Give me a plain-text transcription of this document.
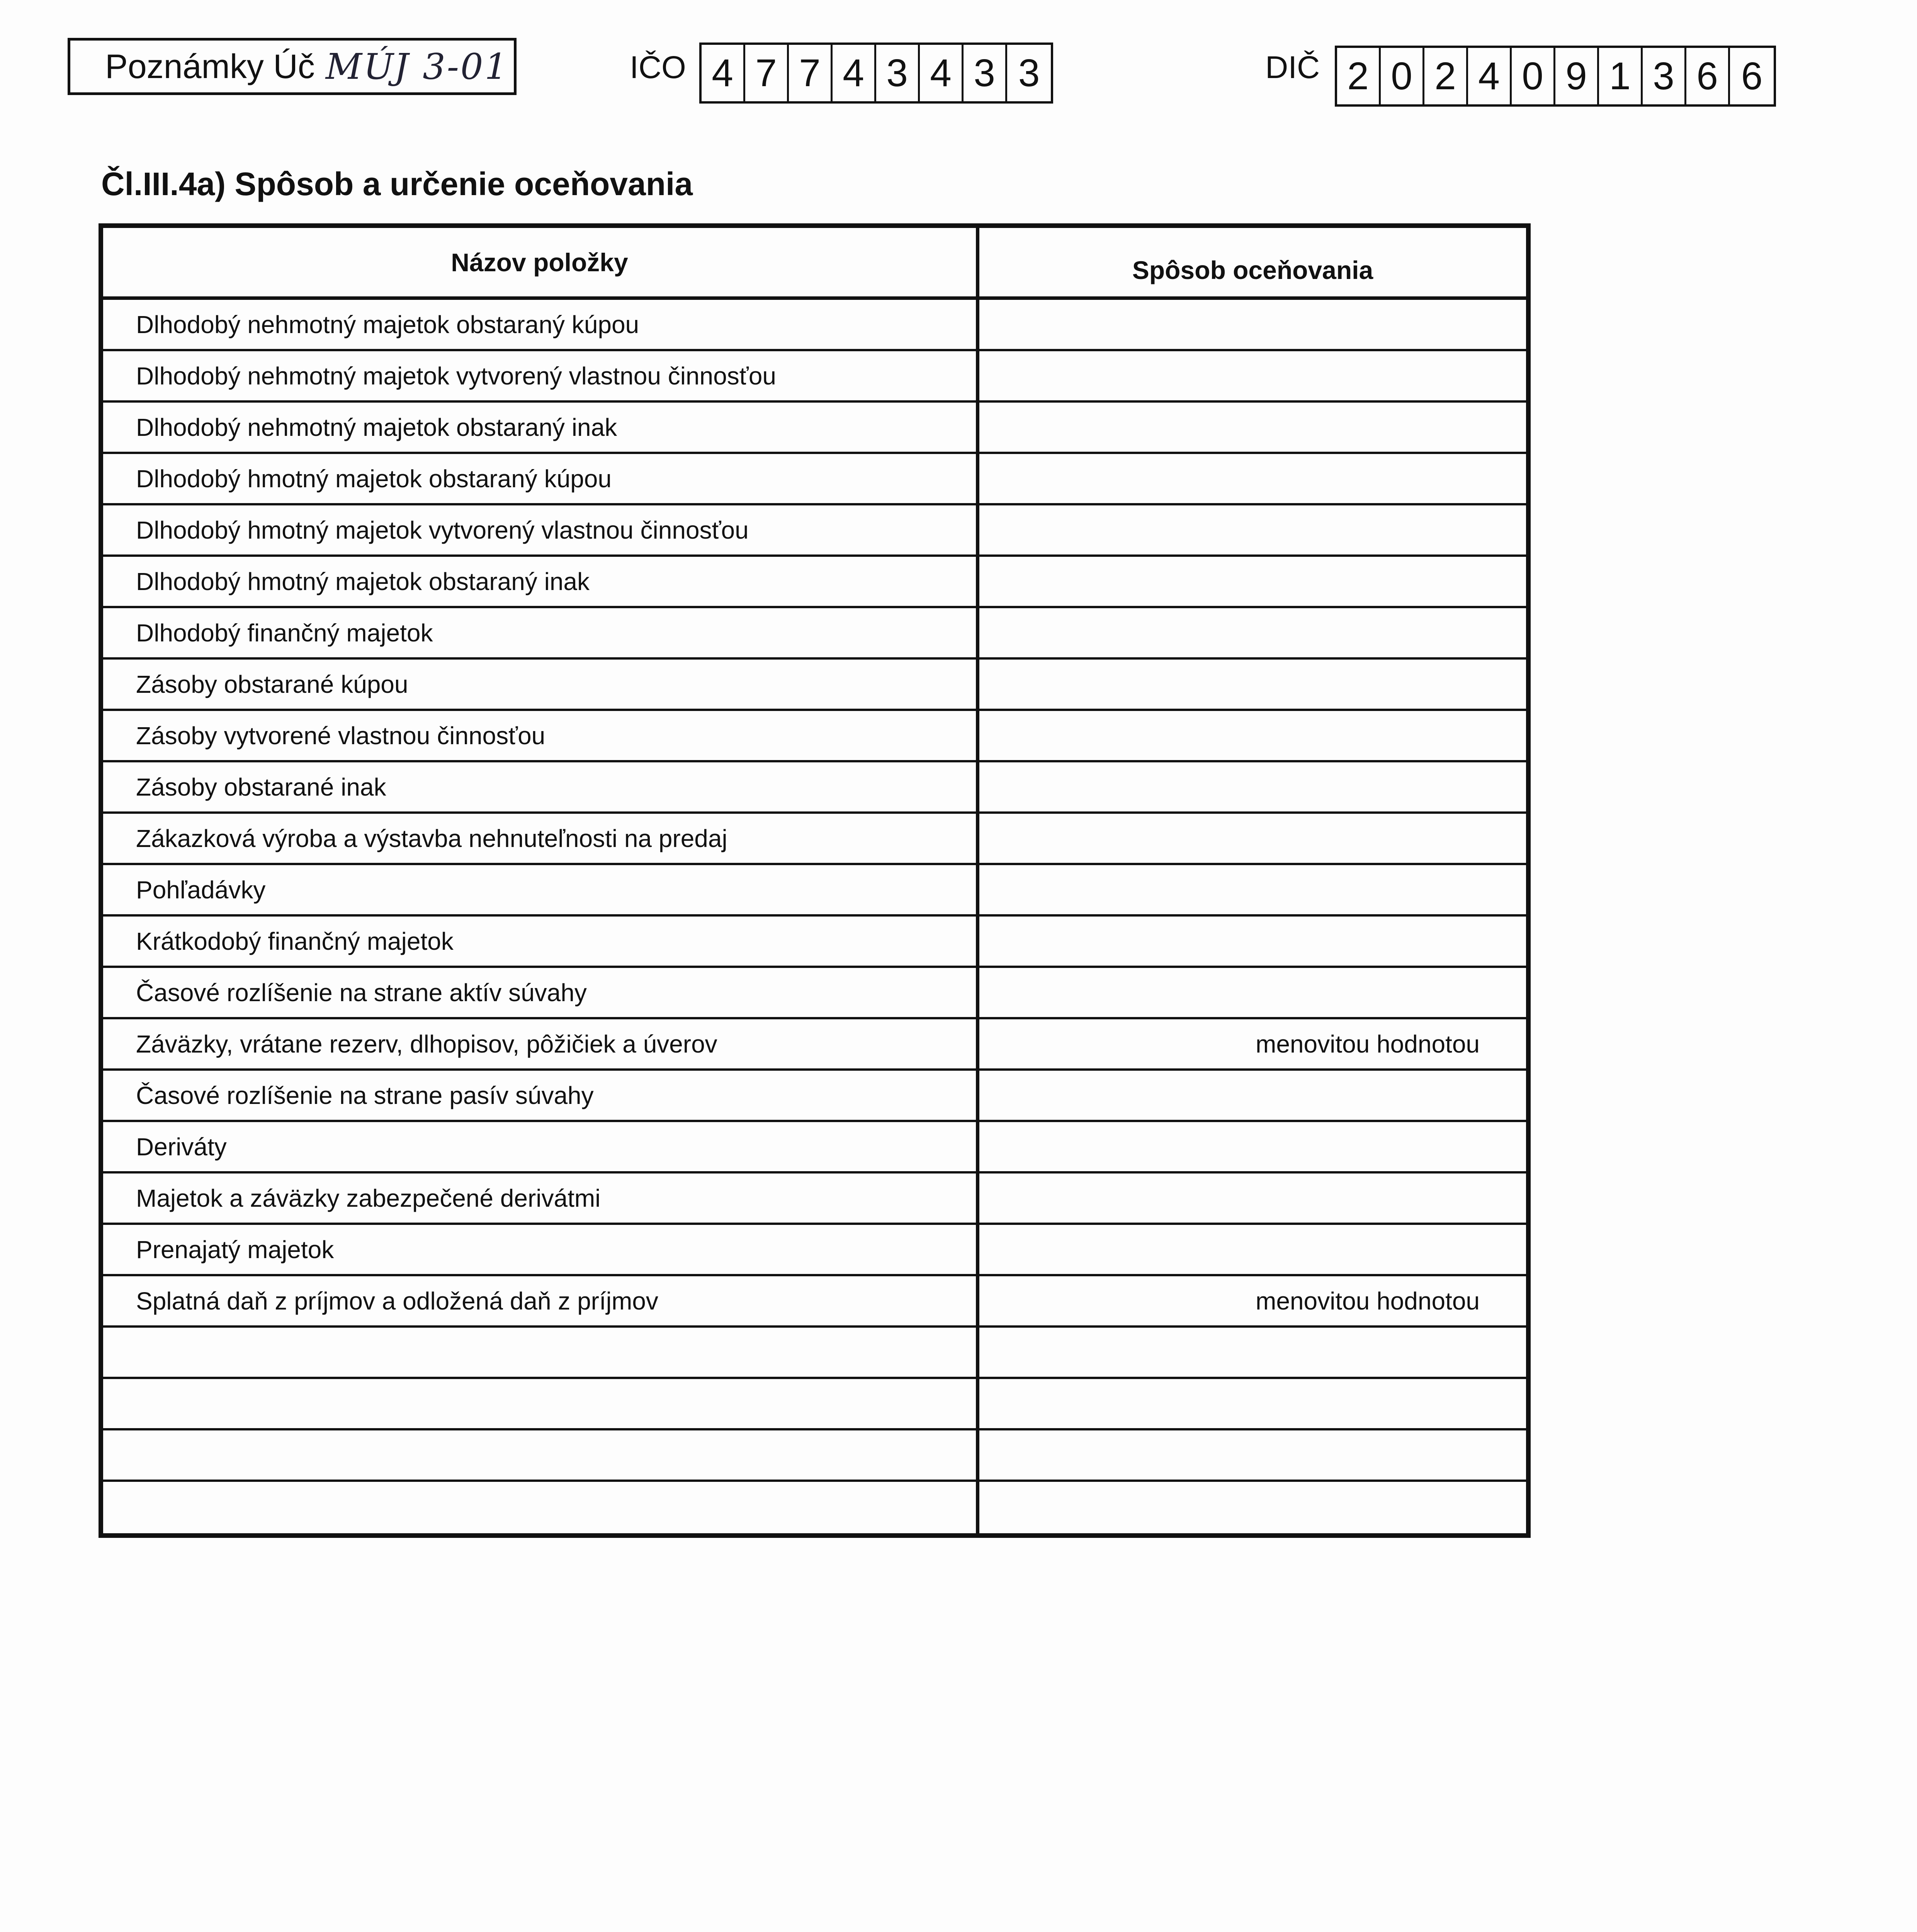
Poznámky Úč MÚJ 3-01	IČO 4 7 7 4 3 4 3 3	DIČ 2 0 2 4 0 9 1 3 6 6
Čl.III.4a) Spôsob a určenie oceňovania
Názov položky	Spôsob oceňovania
Dlhodobý nehmotný majetok obstaraný kúpou
Dlhodobý nehmotný majetok vytvorený vlastnou činnosťou
Dlhodobý nehmotný majetok obstaraný inak
Dlhodobý hmotný majetok obstaraný kúpou
Dlhodobý hmotný majetok vytvorený vlastnou činnosťou
Dlhodobý hmotný majetok obstaraný inak
Dlhodobý finančný majetok
Zásoby obstarané kúpou
Zásoby vytvorené vlastnou činnosťou
Zásoby obstarané inak
Zákazková výroba a výstavba nehnuteľnosti na predaj
Pohľadávky
Krátkodobý finančný majetok
Časové rozlíšenie na strane aktív súvahy
Záväzky, vrátane rezerv, dlhopisov, pôžičiek a úverov	menovitou hodnotou
Časové rozlíšenie na strane pasív súvahy
Deriváty
Majetok a záväzky zabezpečené derivátmi
Prenajatý majetok
Splatná daň z príjmov a odložená daň z príjmov	menovitou hodnotou
